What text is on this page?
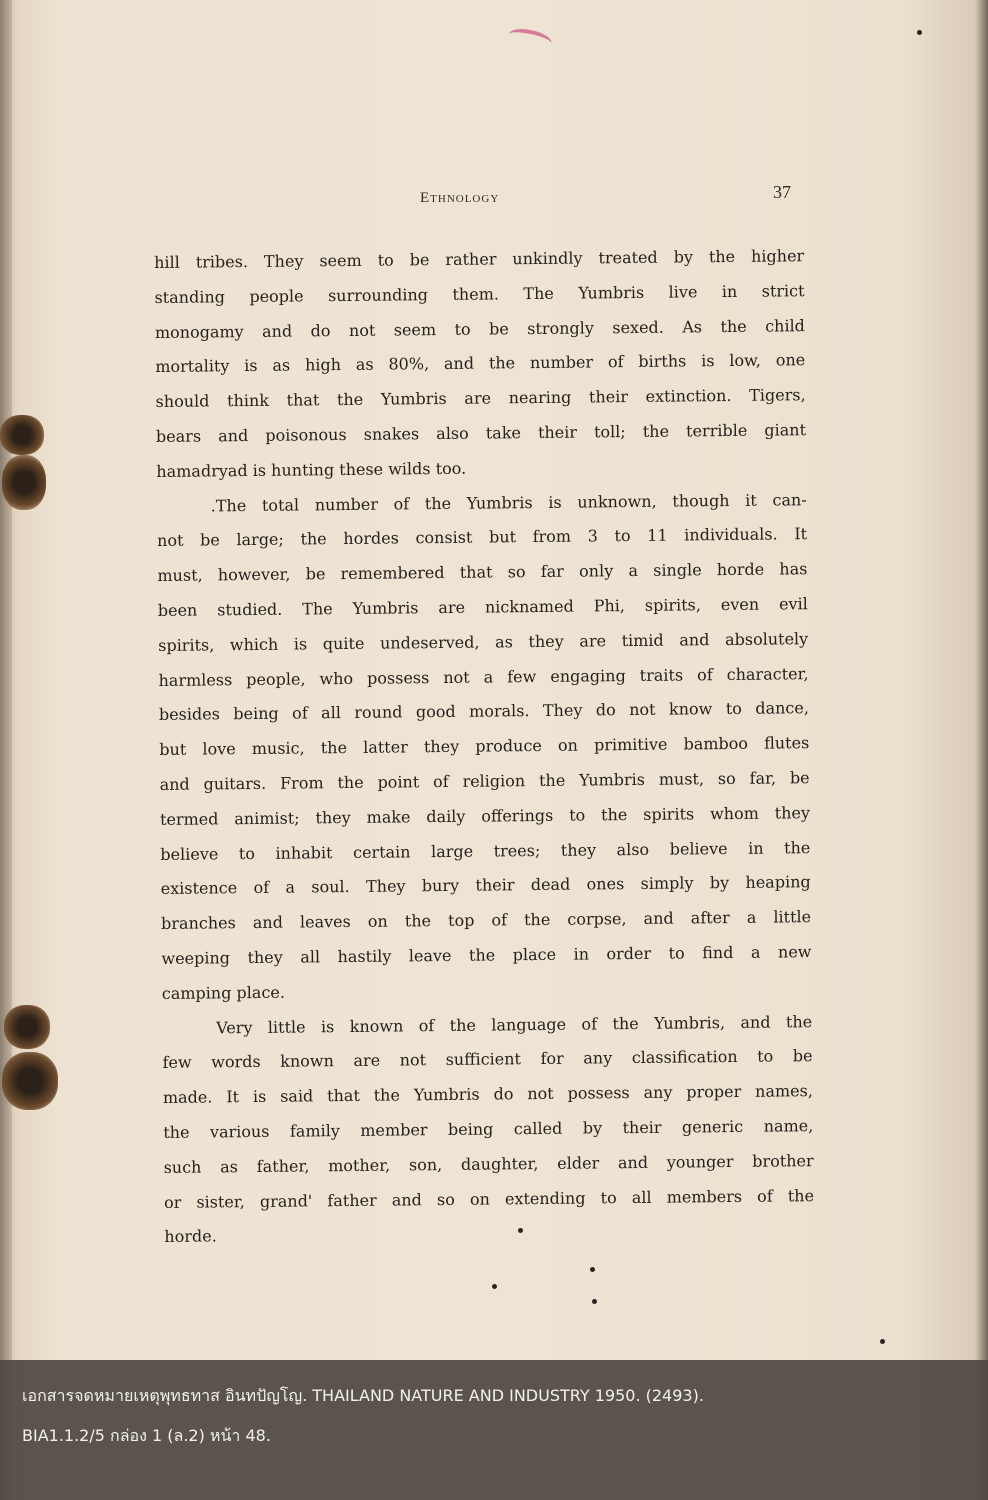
Ethnology	37
hill tribes. They seem to be rather unkindly treated by the higher
standing people surrounding them. The Yumbris live in strict
monogamy and do not seem to be strongly sexed. As the child
mortality is as high as 80%, and the number of births is low, one
should think that the Yumbris are nearing their extinction. Tigers,
bears and poisonous snakes also take their toll; the terrible giant
hamadryad is hunting these wilds too.
.The total number of the Yumbris is unknown, though it can-
not be large; the hordes consist but from 3 to 11 individuals. It
must, however, be remembered that so far only a single horde has
been studied. The Yumbris are nicknamed Phi, spirits, even evil
spirits, which is quite undeserved, as they are timid and absolutely
harmless people, who possess not a few engaging traits of character,
besides being of all round good morals. They do not know to dance,
but love music, the latter they produce on primitive bamboo flutes
and guitars. From the point of religion the Yumbris must, so far, be
termed animist; they make daily offerings to the spirits whom they
believe to inhabit certain large trees; they also believe in the
existence of a soul. They bury their dead ones simply by heaping
branches and leaves on the top of the corpse, and after a little
weeping they all hastily leave the place in order to find a new
camping place.
Very little is known of the language of the Yumbris, and the
few words known are not sufficient for any classification to be
made. It is said that the Yumbris do not possess any proper names,
the various family member being called by their generic name,
such as father, mother, son, daughter, elder and younger brother
or sister, grand' father and so on extending to all members of the
horde.
เอกสารจดหมายเหตุพุทธทาส อินทปัญโญ. THAILAND NATURE AND INDUSTRY 1950. (2493).
BIA1.1.2/5 กล่อง 1 (ล.2) หน้า 48.
